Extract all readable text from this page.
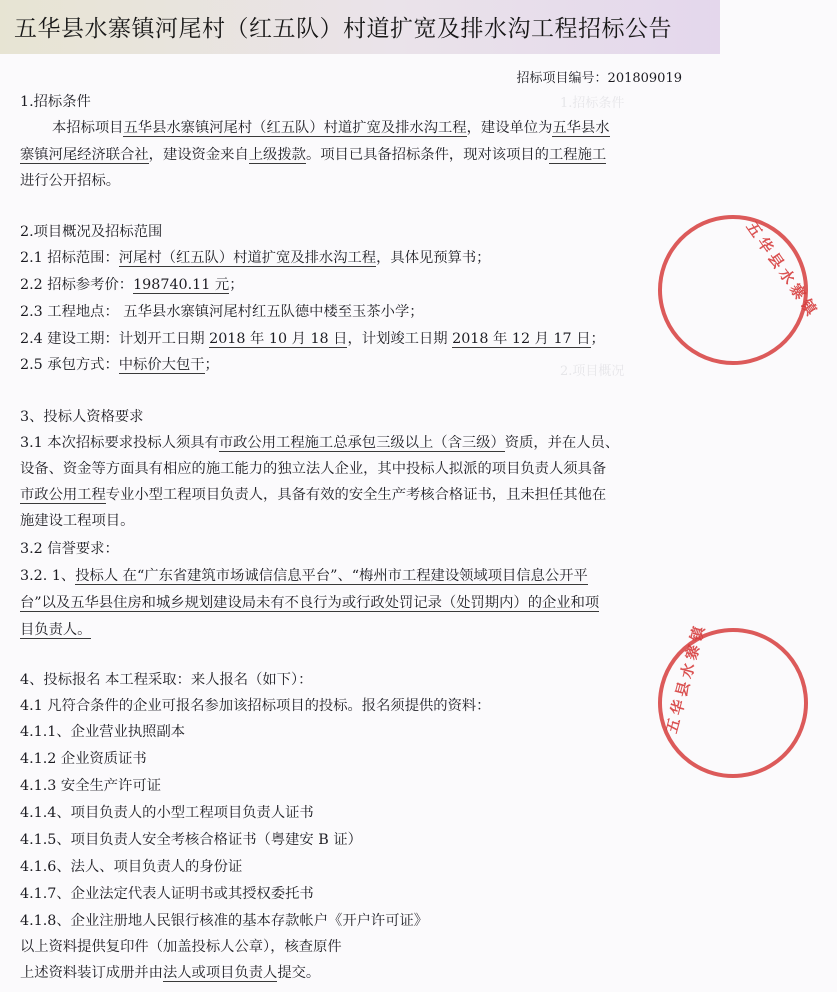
五华县水寨镇河尾村（红五队）村道扩宽及排水沟工程招标公告
招标项目编号：201809019
1.招标条件
2.项目概况
五华县水寨镇
五华县水寨镇
1.招标条件
本招标项目五华县水寨镇河尾村（红五队）村道扩宽及排水沟工程，建设单位为五华县水
寨镇河尾经济联合社，建设资金来自上级拨款。项目已具备招标条件，现对该项目的工程施工
进行公开招标。
2.项目概况及招标范围
2.1 招标范围：河尾村（红五队）村道扩宽及排水沟工程，具体见预算书；
2.2 招标参考价：198740.11 元；
2.3 工程地点： 五华县水寨镇河尾村红五队德中楼至玉茶小学；
2.4 建设工期：计划开工日期 2018 年 10 月 18 日，计划竣工日期 2018 年 12 月 17 日；
2.5 承包方式：中标价大包干；
3、投标人资格要求
3.1 本次招标要求投标人须具有市政公用工程施工总承包三级以上（含三级）资质，并在人员、
设备、资金等方面具有相应的施工能力的独立法人企业，其中投标人拟派的项目负责人须具备
市政公用工程专业小型工程项目负责人，具备有效的安全生产考核合格证书，且未担任其他在
施建设工程项目。
3.2 信誉要求：
3.2. 1、投标人 在“广东省建筑市场诚信信息平台”、“梅州市工程建设领域项目信息公开平
台”以及五华县住房和城乡规划建设局未有不良行为或行政处罚记录（处罚期内）的企业和项
目负责人。
4、投标报名 本工程采取：来人报名（如下）：
4.1 凡符合条件的企业可报名参加该招标项目的投标。报名须提供的资料：
4.1.1、企业营业执照副本
4.1.2 企业资质证书
4.1.3 安全生产许可证
4.1.4、项目负责人的小型工程项目负责人证书
4.1.5、项目负责人安全考核合格证书（粤建安 B 证）
4.1.6、法人、项目负责人的身份证
4.1.7、企业法定代表人证明书或其授权委托书
4.1.8、企业注册地人民银行核准的基本存款帐户《开户许可证》
以上资料提供复印件（加盖投标人公章），核查原件
上述资料装订成册并由法人或项目负责人提交。
